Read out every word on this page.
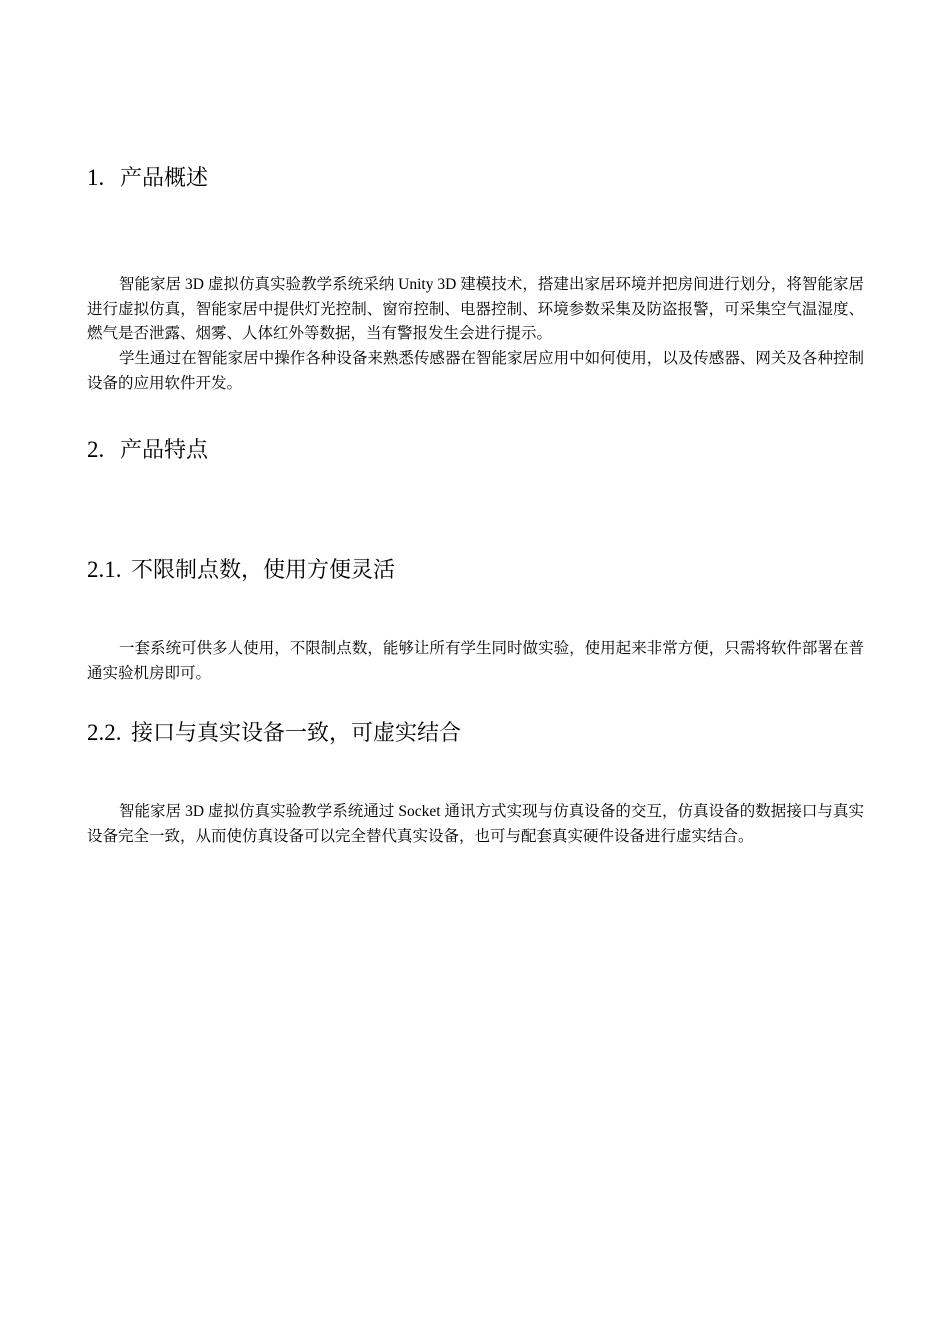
1. 产品概述

智能家居 3D 虚拟仿真实验教学系统采纳 Unity 3D 建模技术，搭建出家居环境并把房间进行划分，将智能家居进行虚拟仿真，智能家居中提供灯光控制、窗帘控制、电器控制、环境参数采集及防盗报警，可采集空气温湿度、燃气是否泄露、烟雾、人体红外等数据，当有警报发生会进行提示。

学生通过在智能家居中操作各种设备来熟悉传感器在智能家居应用中如何使用，以及传感器、网关及各种控制设备的应用软件开发。

2. 产品特点
2.1. 不限制点数，使用方便灵活

一套系统可供多人使用，不限制点数，能够让所有学生同时做实验，使用起来非常方便，只需将软件部署在普通实验机房即可。

2.2. 接口与真实设备一致，可虚实结合

智能家居 3D 虚拟仿真实验教学系统通过 Socket 通讯方式实现与仿真设备的交互，仿真设备的数据接口与真实设备完全一致，从而使仿真设备可以完全替代真实设备，也可与配套真实硬件设备进行虚实结合。
